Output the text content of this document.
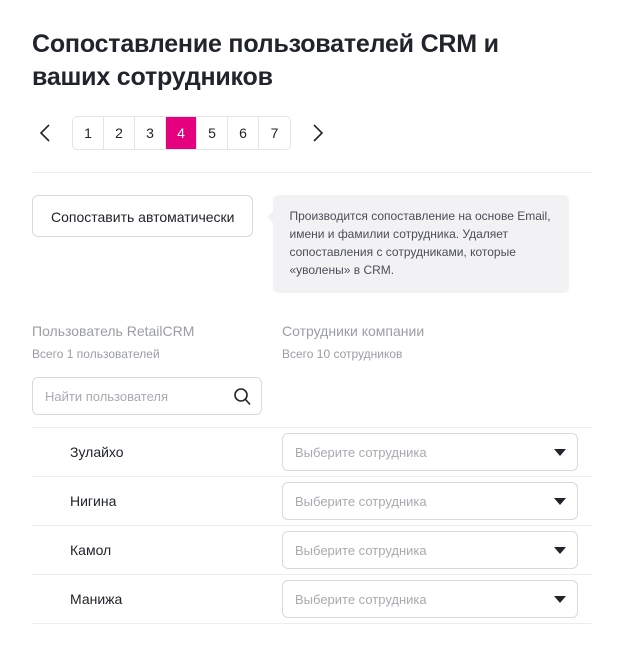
Сопоставление пользователей CRM и ваших сотрудников
1	2	3	4	5	6	7
Сопоставить автоматически	Производится сопоставление на основе Email, имени и фамилии сотрудника. Удаляет сопоставления с сотрудниками, которые «уволены» в CRM.

Пользователь RetailCRM

Всего 1 пользователей

Сотрудники компании

Всего 10 сотрудников
Найти пользователя
Зулайхо	Выберите сотрудника
Нигина	Выберите сотрудника
Камол	Выберите сотрудника
Манижа	Выберите сотрудника
